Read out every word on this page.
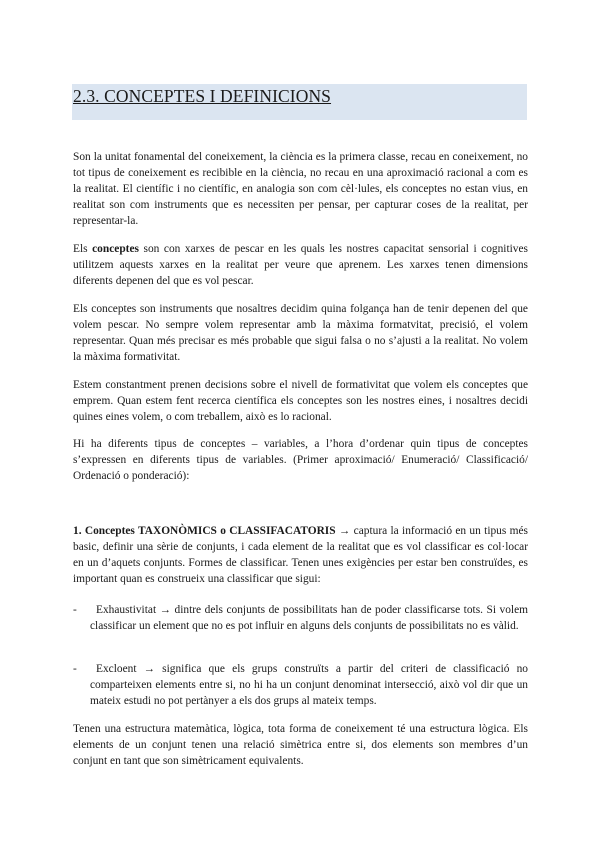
2.3. CONCEPTES I DEFINICIONS

Son la unitat fonamental del coneixement, la ciència es la primera classe, recau en coneixement, no tot tipus de coneixement es recibible en la ciència, no recau en una aproximació racional a com es la realitat. El científic i no científic, en analogia son com cèl·lules, els conceptes no estan vius, en realitat son com instruments que es necessiten per pensar, per capturar coses de la realitat, per representar-la.

Els conceptes son con xarxes de pescar en les quals les nostres capacitat sensorial i cognitives utilitzem aquests xarxes en la realitat per veure que aprenem. Les xarxes tenen dimensions diferents depenen del que es vol pescar.

Els conceptes son instruments que nosaltres decidim quina folgança han de tenir depenen del que volem pescar. No sempre volem representar amb la màxima formatvitat, precisió, el volem representar. Quan més precisar es més probable que sigui falsa o no s’ajusti a la realitat. No volem la màxima formativitat.

Estem constantment prenen decisions sobre el nivell de formativitat que volem els conceptes que emprem. Quan estem fent recerca científica els conceptes son les nostres eines, i nosaltres decidi quines eines volem, o com treballem, això es lo racional.

Hi ha diferents tipus de conceptes – variables, a l’hora d’ordenar quin tipus de conceptes s’expressen en diferents tipus de variables. (Primer aproximació/ Enumeració/ Classificació/ Ordenació o ponderació):

1. Conceptes TAXONÒMICS o CLASSIFACATORIS → captura la informació en un tipus més basic, definir una sèrie de conjunts, i cada element de la realitat que es vol classificar es col·locar en un d’aquets conjunts. Formes de classificar. Tenen unes exigències per estar ben construïdes, es important quan es construeix una classificar que sigui:

-	Exhaustivitat → dintre dels conjunts de possibilitats han de poder classificarse tots. Si volem classificar un element que no es pot influir en alguns dels conjunts de possibilitats no es vàlid.

-	Excloent → significa que els grups construïts a partir del criteri de classificació no comparteixen elements entre si, no hi ha un conjunt denominat intersecció, això vol dir que un mateix estudi no pot pertànyer a els dos grups al mateix temps.

Tenen una estructura matemàtica, lògica, tota forma de coneixement té una estructura lògica. Els elements de un conjunt tenen una relació simètrica entre si, dos elements son membres d’un conjunt en tant que son simètricament equivalents.
